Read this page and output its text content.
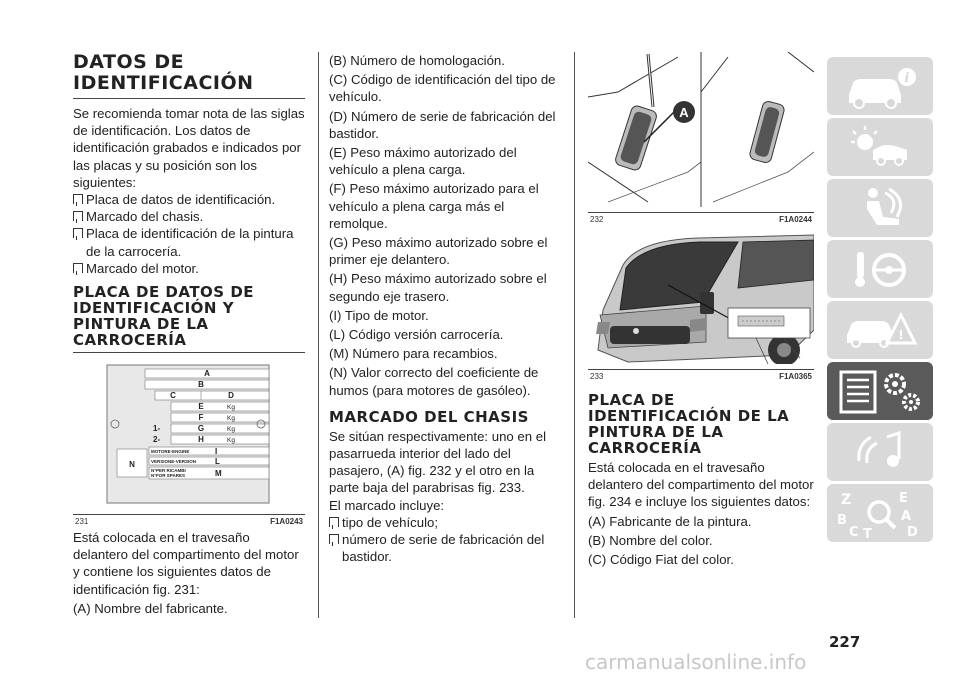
DATOS DE IDENTIFICACIÓN

Se recomienda tomar nota de las siglas de identificación. Los datos de identificación grabados e indicados por las placas y su posición son los siguientes:

Placa de datos de identificación.

Marcado del chasis.

Placa de identificación de la pintura de la carrocería.

Marcado del motor.

PLACA DE DATOS DE IDENTIFICACIÓN Y PINTURA DE LA CARROCERÍA
A
B
C	D
E
F
G
H
1-
2-
Kg
Kg
Kg
Kg
N
MOTORE-ENGINE	I
VERSIONE-VERSION L
N°PER RICAMBI
N°FOR SPARES	M
231	F1A0243

Está colocada en el travesaño delantero del compartimento del motor y contiene los siguientes datos de identificación fig. 231:

(A) Nombre del fabricante.

(B) Número de homologación.

(C) Código de identificación del tipo de vehículo.

(D) Número de serie de fabricación del bastidor.

(E) Peso máximo autorizado del vehículo a plena carga.

(F) Peso máximo autorizado para el vehículo a plena carga más el remolque.

(G) Peso máximo autorizado sobre el primer eje delantero.

(H) Peso máximo autorizado sobre el segundo eje trasero.

(I) Tipo de motor.

(L) Código versión carrocería.

(M) Número para recambios.

(N) Valor correcto del coeficiente de humos (para motores de gasóleo).

MARCADO DEL CHASIS

Se sitúan respectivamente: uno en el pasarrueda interior del lado del pasajero, (A) fig. 232 y el otro en la parte baja del parabrisas fig. 233.

El marcado incluye:

tipo de vehículo;

número de serie de fabricación del bastidor.

A
232	F1A0244
233	F1A0365
PLACA DE IDENTIFICACIÓN DE LA PINTURA DE LA CARROCERÍA

Está colocada en el travesaño delantero del compartimento del motor fig. 234 e incluye los siguientes datos:

(A) Fabricante de la pintura.

(B) Nombre del color.

(C) Código Fiat del color.

i
!
Z	E
B	A
C T	D
227
carmanualsonline.info
